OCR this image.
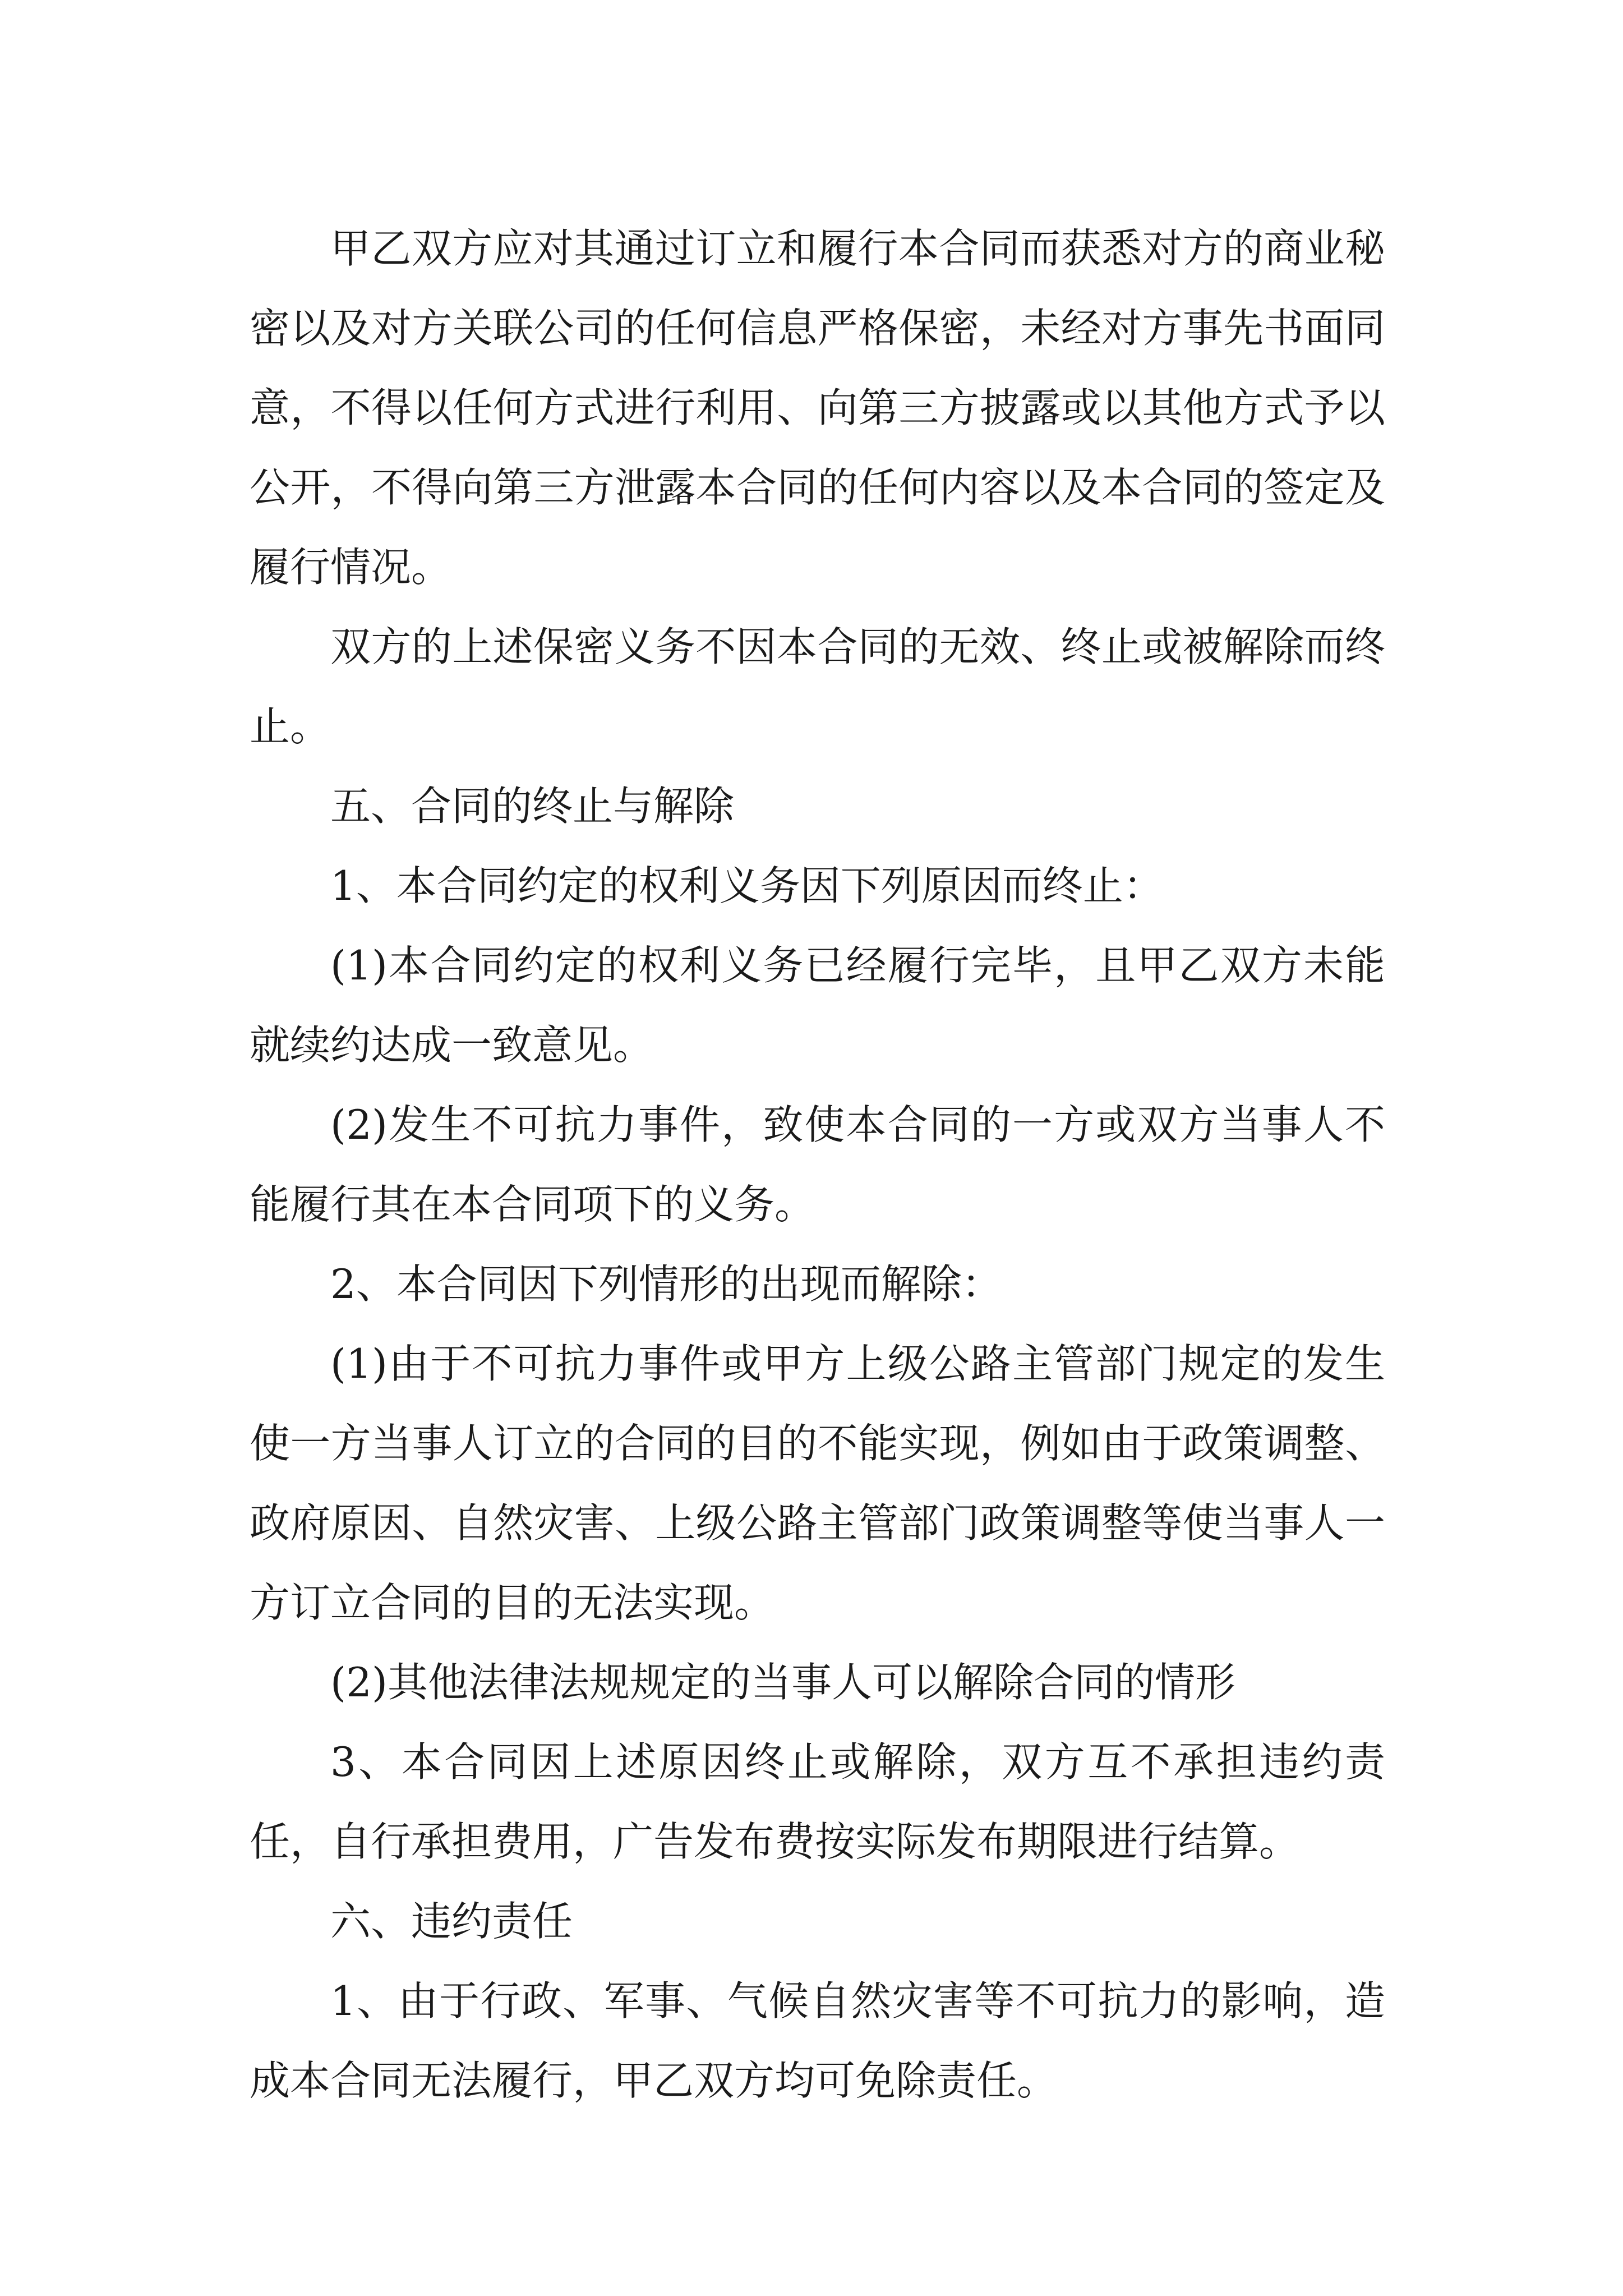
甲乙双方应对其通过订立和履行本合同而获悉对方的商业秘密以及对方关联公司的任何信息严格保密，未经对方事先书面同意，不得以任何方式进行利用、向第三方披露或以其他方式予以公开，不得向第三方泄露本合同的任何内容以及本合同的签定及履行情况。

双方的上述保密义务不因本合同的无效、终止或被解除而终止。

五、合同的终止与解除

1、本合同约定的权利义务因下列原因而终止：

(1)本合同约定的权利义务已经履行完毕，且甲乙双方未能就续约达成一致意见。

(2)发生不可抗力事件，致使本合同的一方或双方当事人不能履行其在本合同项下的义务。

2、本合同因下列情形的出现而解除：

(1)由于不可抗力事件或甲方上级公路主管部门规定的发生使一方当事人订立的合同的目的不能实现，例如由于政策调整、政府原因、自然灾害、上级公路主管部门政策调整等使当事人一方订立合同的目的无法实现。

(2)其他法律法规规定的当事人可以解除合同的情形

3、本合同因上述原因终止或解除，双方互不承担违约责任，自行承担费用，广告发布费按实际发布期限进行结算。

六、违约责任

1、由于行政、军事、气候自然灾害等不可抗力的影响，造成本合同无法履行，甲乙双方均可免除责任。
